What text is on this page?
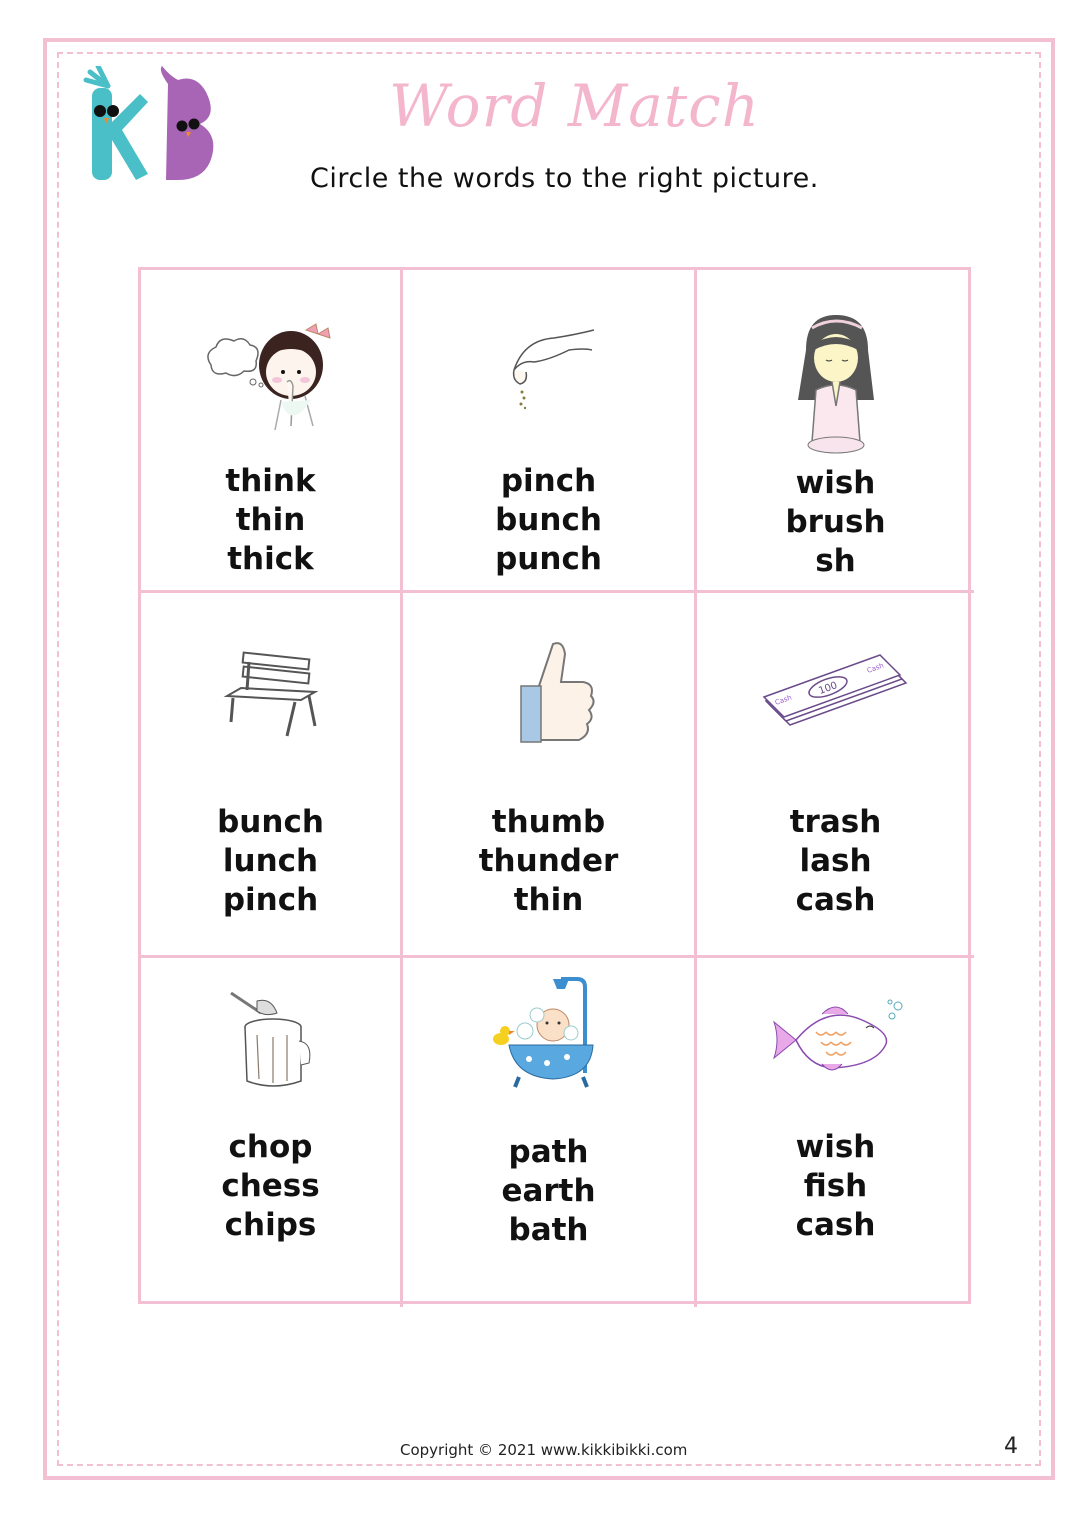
Word Match
Circle the words to the right picture.
think
thin
thick
pinch
bunch
punch
wish
brush
sh
bunch
lunch
pinch
thumb
thunder
thin
100
Cash
Cash
trash
lash
cash
chop
chess
chips
path
earth
bath
wish
fish
cash
Copyright © 2021 www.kikkibikki.com	4
